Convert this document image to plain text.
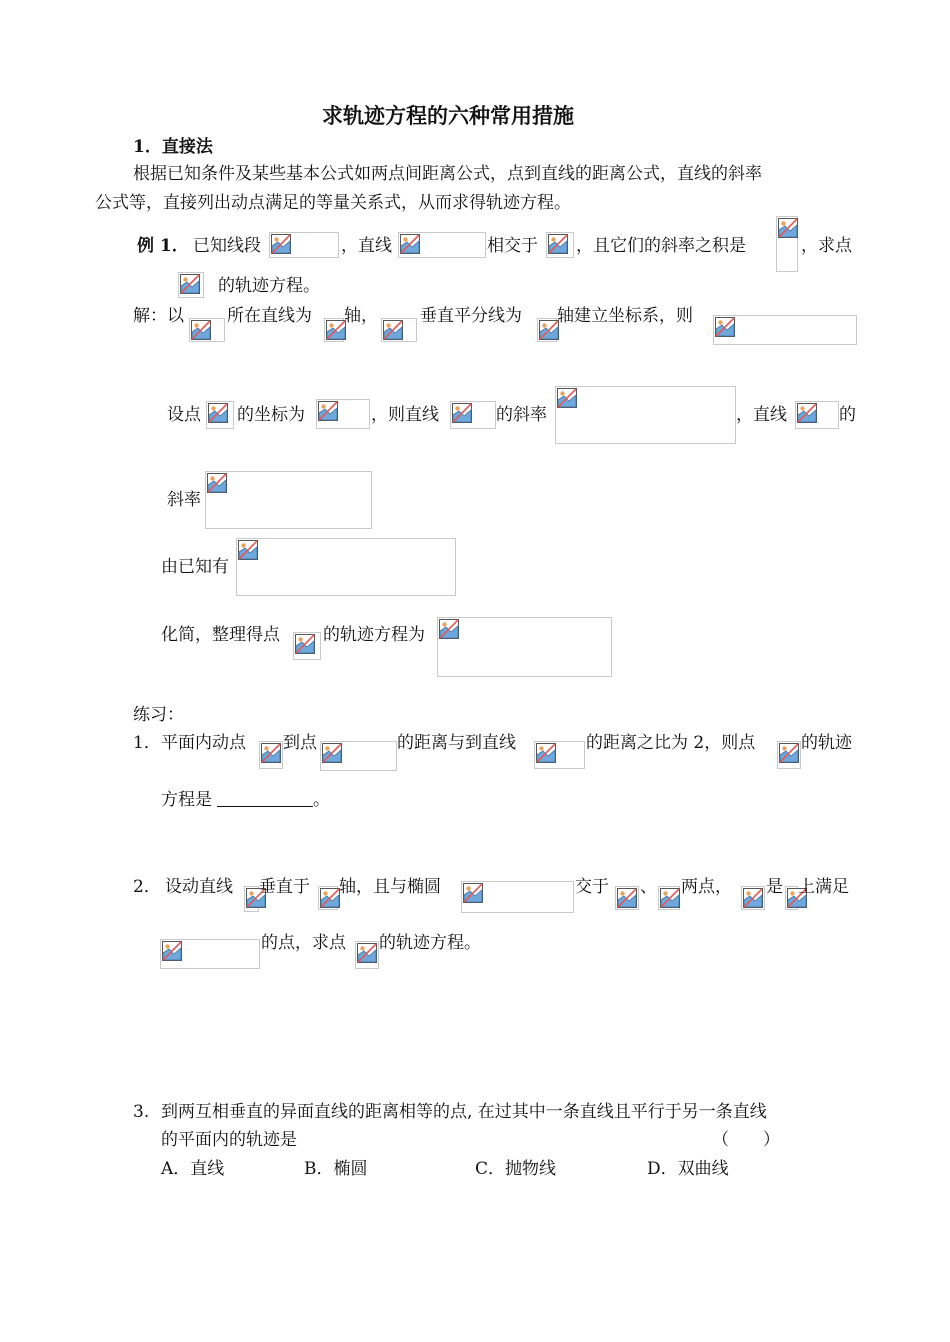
求轨迹方程的六种常用措施
1．直接法
根据已知条件及某些基本公式如两点间距离公式，点到直线的距离公式，直线的斜率
公式等，直接列出动点满足的等量关系式，从而求得轨迹方程。
例 1． 已知线段	，直线	相交于 ，且它们的斜率之积是	，求点
的轨迹方程。
解：以	所在直线为 轴， 垂直平分线为 轴建立坐标系，则
设点 的坐标为	，则直线	的斜率	，直线	的
斜率
由已知有
化简，整理得点	的轨迹方程为
练习：
1． 平面内动点 到点	的距离与到直线	的距离之比为 2，则点	的轨迹
方程是	。
2． 设动直线 垂直于 轴，且与椭圆	交于 、 两点， 是 上满足
的点，求点 的轨迹方程。
3. 到两互相垂直的异面直线的距离相等的点, 在过其中一条直线且平行于另一条直线
的平面内的轨迹是	（　　）
A．直线	B．椭圆	C．抛物线	D．双曲线
